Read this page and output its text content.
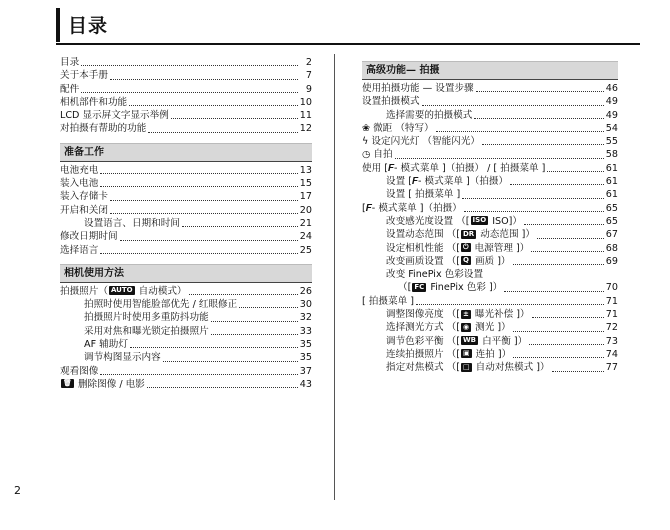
目录
目录	2
关于本手册	7
配件	9
相机部件和功能	10
LCD 显示屏文字显示举例	11
对拍摄有帮助的功能	12
准备工作
电池充电	13
装入电池	15
装入存储卡	17
开启和关闭	20
设置语言、日期和时间	21
修改日期时间	24
选择语言	25
相机使用方法
拍摄照片（ AUTO 自动模式）	26
拍照时使用智能脸部优先 / 红眼修正	30
拍摄照片时使用多重防抖功能	32
采用对焦和曝光锁定拍摄照片	33
AF 辅助灯	35
调节构图显示内容	35
观看图像	37
🗑 删除图像 / 电影	43
高级功能— 拍摄
使用拍摄功能 — 设置步骤	46
设置拍摄模式	49
选择需要的拍摄模式	49
❀ 微距 （特写）	54
ϟ 设定闪光灯 （智能闪光）	55
◷ 自拍	58
使用 [𝑭- 模式菜单 ]（拍摄） / [ 拍摄菜单 ]	61
设置 [𝑭- 模式菜单 ]（拍摄）	61
设置 [ 拍摄菜单 ]	61
[𝑭- 模式菜单 ]（拍摄）	65
改变感光度设置 （[ ISO ISO]）	65
设置动态范围 （[ DR 动态范围 ]）	67
设定相机性能 （[ ⏻ 电源管理 ]）	68
改变画质设置 （[ Q 画质 ]）	69
改变 FinePix 色彩设置
（[ FC FinePix 色彩 ]）	70
[ 拍摄菜单 ]	71
调整图像亮度 （[ ± 曝光补偿 ]）	71
选择测光方式 （[ ◉ 测光 ]）	72
调节色彩平衡 （[ WB 白平衡 ]）	73
连续拍摄照片 （[ ▣ 连拍 ]）	74
指定对焦模式 （[ □ 自动对焦模式 ]）	77
2
